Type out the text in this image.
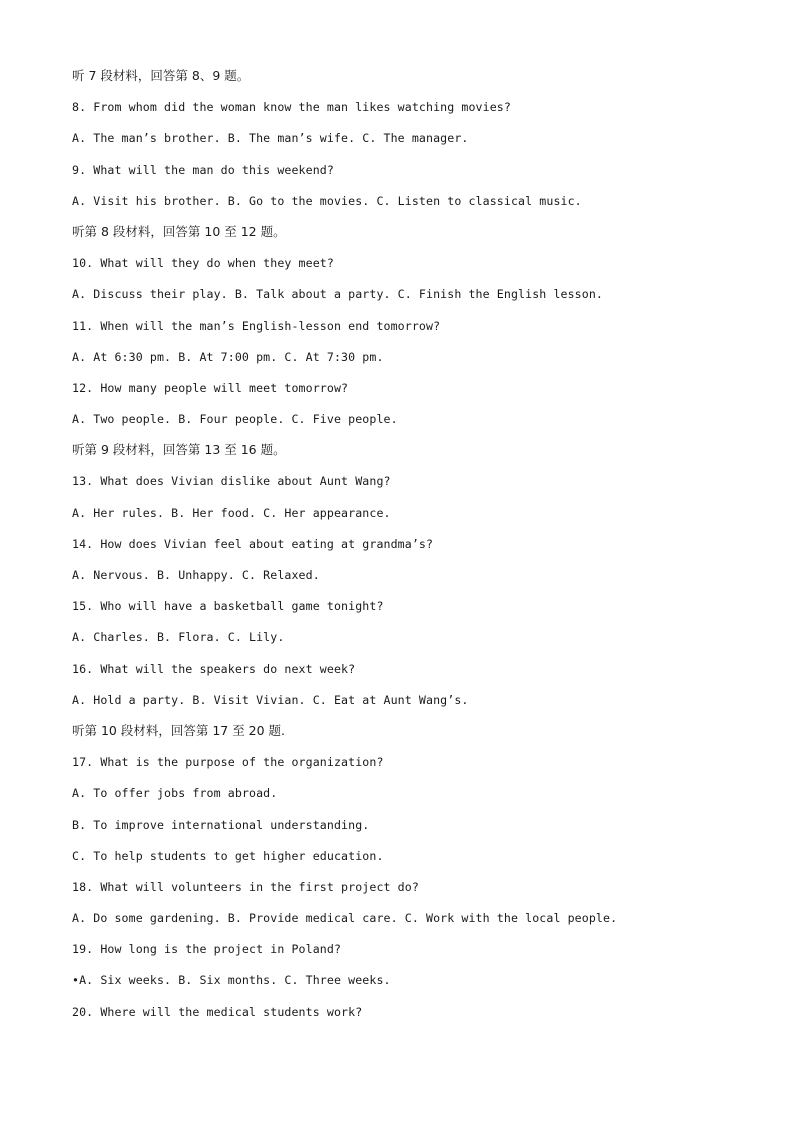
听 7 段材料，回答第 8、9 题。
8. From whom did the woman know the man likes watching movies?
A. The man’s brother. B. The man’s wife. C. The manager.
9. What will the man do this weekend?
A. Visit his brother. B. Go to the movies. C. Listen to classical music.
听第 8 段材料，回答第 10 至 12 题。
10. What will they do when they meet?
A. Discuss their play. B. Talk about a party. C. Finish the English lesson.
11. When will the man’s English-lesson end tomorrow?
A. At 6:30 pm. B. At 7:00 pm. C. At 7:30 pm.
12. How many people will meet tomorrow?
A. Two people. B. Four people. C. Five people.
听第 9 段材料，回答第 13 至 16 题。
13. What does Vivian dislike about Aunt Wang?
A. Her rules. B. Her food. C. Her appearance.
14. How does Vivian feel about eating at grandma’s?
A. Nervous. B. Unhappy. C. Relaxed.
15. Who will have a basketball game tonight?
A. Charles. B. Flora. C. Lily.
16. What will the speakers do next week?
A. Hold a party. B. Visit Vivian. C. Eat at Aunt Wang’s.
听第 10 段材料，回答第 17 至 20 题.
17. What is the purpose of the organization?
A. To offer jobs from abroad.
B. To improve international understanding.
C. To help students to get higher education.
18. What will volunteers in the first project do?
A. Do some gardening. B. Provide medical care. C. Work with the local people.
19. How long is the project in Poland?
•A. Six weeks. B. Six months. C. Three weeks.
20. Where will the medical students work?
